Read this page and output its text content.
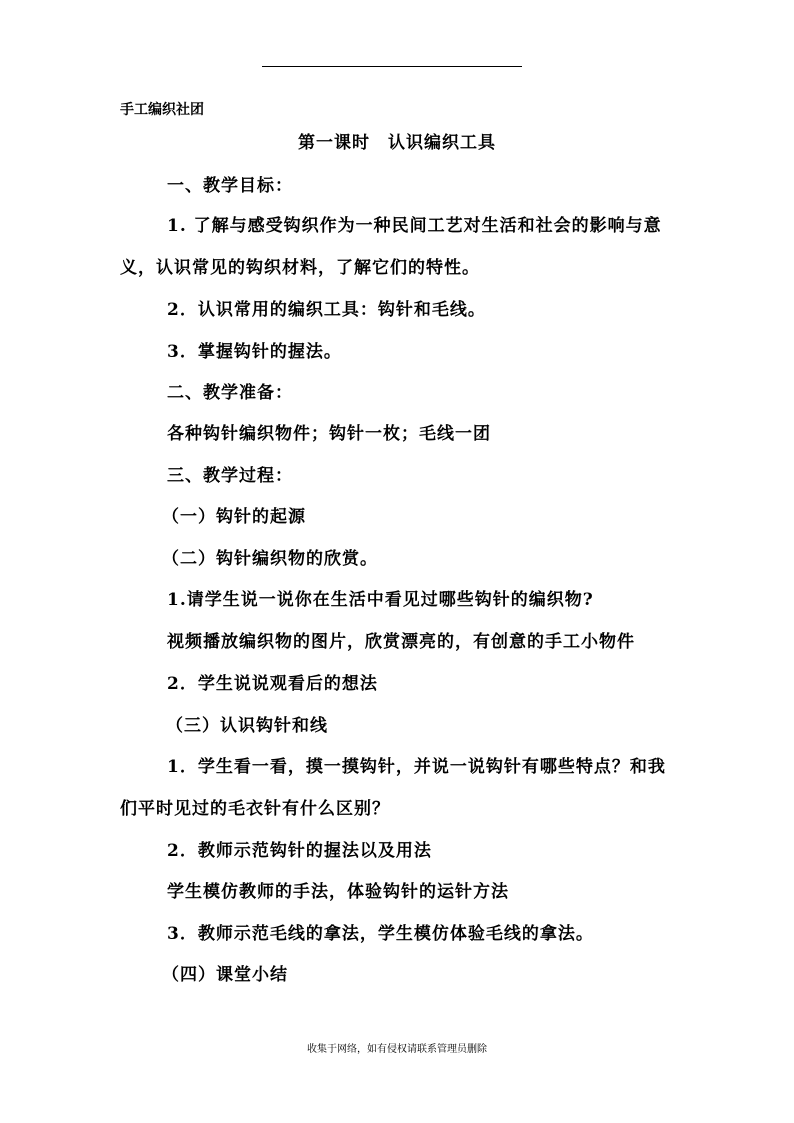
手工编织社团
第一课时　认识编织工具
一、教学目标：
1. 了解与感受钩织作为一种民间工艺对生活和社会的影响与意
义，认识常见的钩织材料，了解它们的特性。
2．认识常用的编织工具：钩针和毛线。
3．掌握钩针的握法。
二、教学准备：
各种钩针编织物件；钩针一枚；毛线一团
三、教学过程：
（一）钩针的起源
（二）钩针编织物的欣赏。
1.请学生说一说你在生活中看见过哪些钩针的编织物?
视频播放编织物的图片，欣赏漂亮的，有创意的手工小物件
2．学生说说观看后的想法
（三）认识钩针和线
1．学生看一看，摸一摸钩针，并说一说钩针有哪些特点？和我
们平时见过的毛衣针有什么区别？
2．教师示范钩针的握法以及用法
学生模仿教师的手法，体验钩针的运针方法
3．教师示范毛线的拿法，学生模仿体验毛线的拿法。
（四）课堂小结
收集于网络，如有侵权请联系管理员删除
